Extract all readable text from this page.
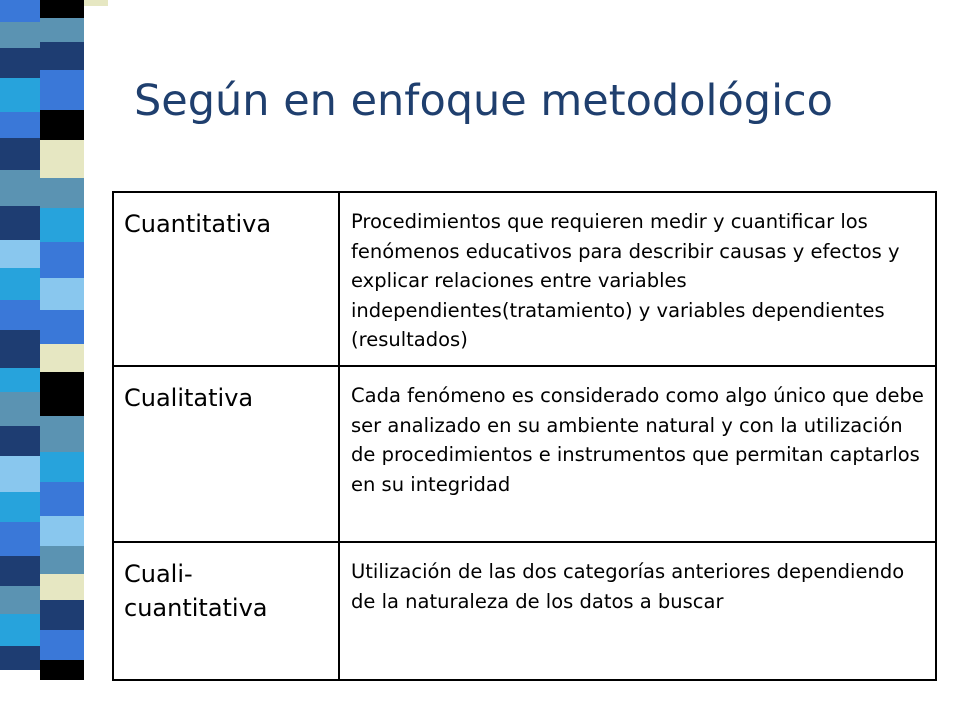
Según en enfoque metodológico
Cuantitativa	Procedimientos que requieren medir y cuantificar los fenómenos educativos para describir causas y efectos y explicar relaciones entre variables independientes(tratamiento) y variables dependientes (resultados)
Cualitativa	Cada fenómeno es considerado como algo único que debe ser analizado en su ambiente natural y con la utilización de procedimientos e instrumentos que permitan captarlos en su integridad
Cuali-
cuantitativa	Utilización de las dos categorías anteriores dependiendo de la naturaleza de los datos a buscar
